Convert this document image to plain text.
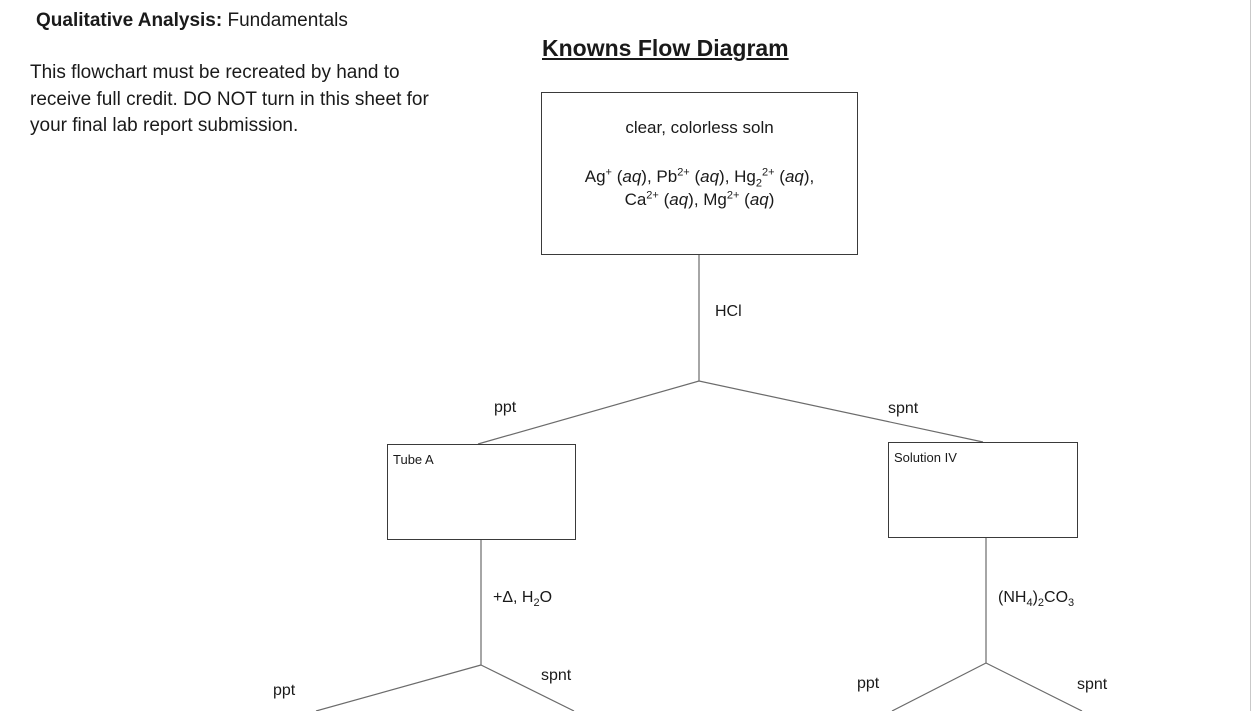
Qualitative Analysis: Fundamentals
This flowchart must be recreated by hand to receive full credit. DO NOT turn in this sheet for your final lab report submission.
Knowns Flow Diagram
clear, colorless soln
Ag+ (aq), $Pb^{2+}$ (aq), $Hg_2^{2+}$ (aq),
$Ca^{2+}$ (aq), $Mg^{2+}$ (aq)
HCl
ppt	spnt
Tube A	Solution IV
+Δ, $H_2O$
spnt
ppt
$(NH_4)_2CO_3$
ppt	spnt
